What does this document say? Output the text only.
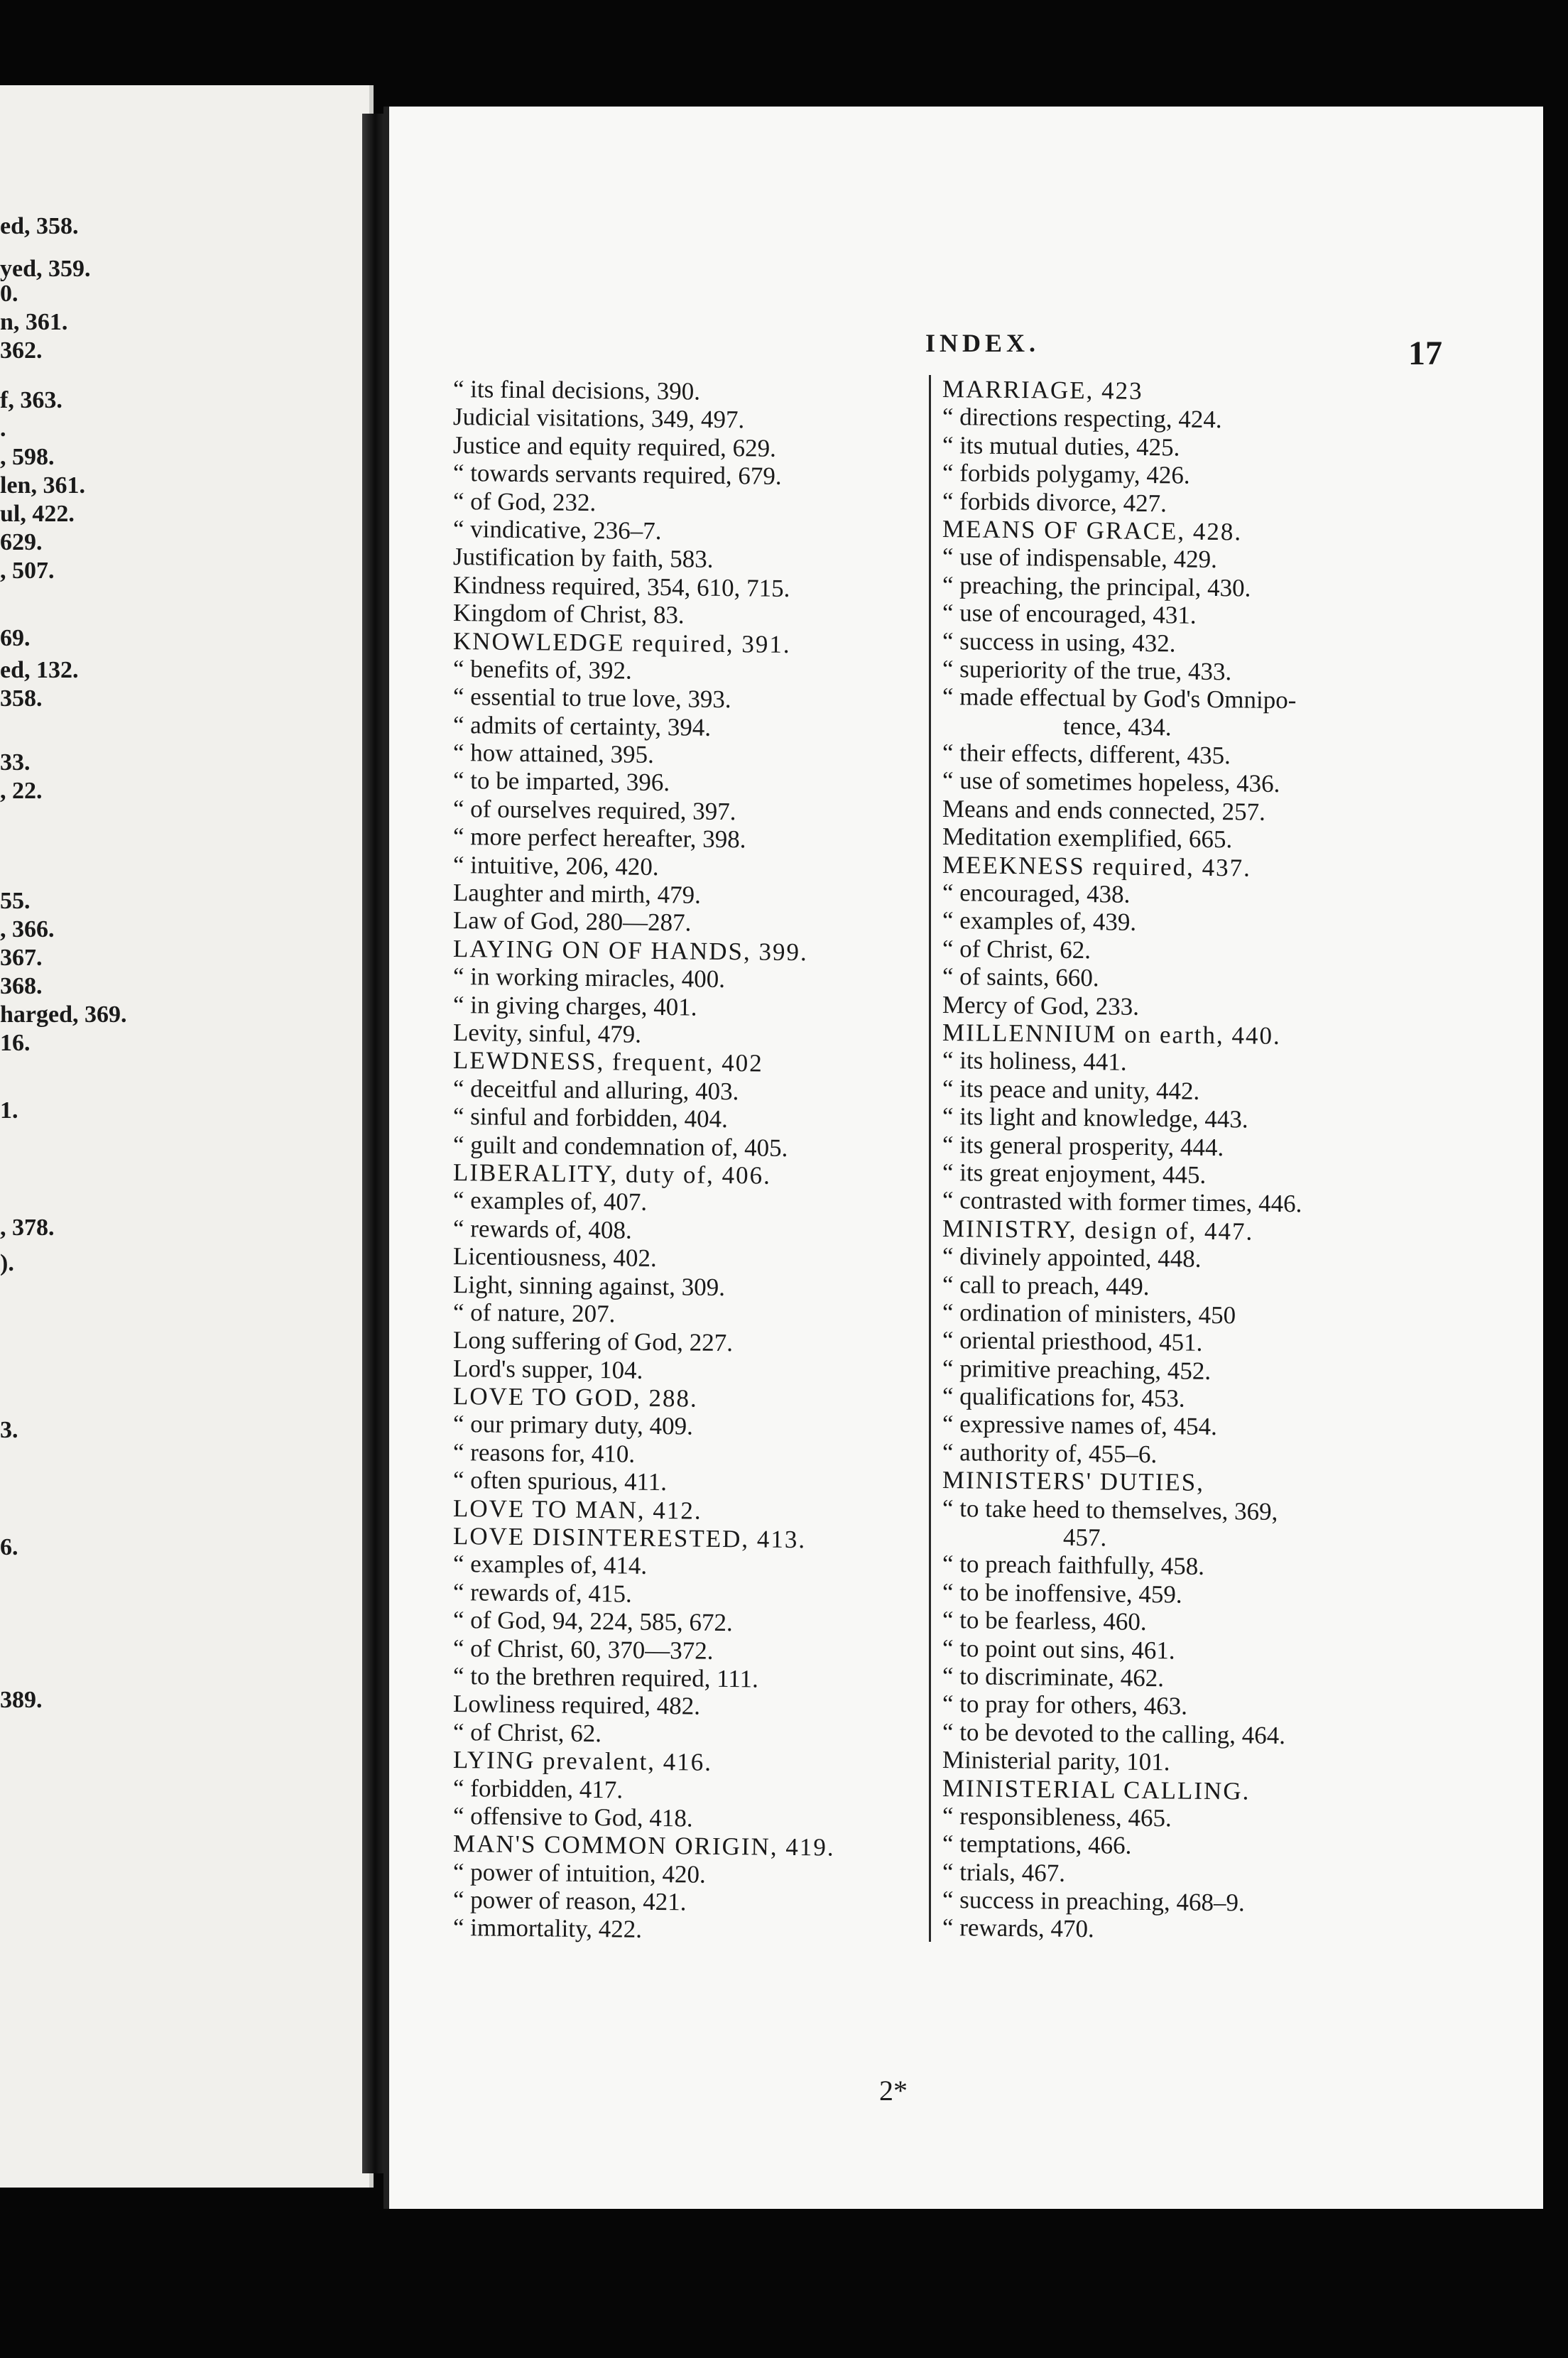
ed, 358.
yed, 359.
0.
n, 361.
362.
f, 363.
.
, 598.
len, 361.
ul, 422.
629.
, 507.
69.
ed, 132.
358.
33.
, 22.
55.
, 366.
367.
368.
harged, 369.
16.
1.
, 378.
).
3.
6.
389.
INDEX.	17
“ its final decisions, 390.
Judicial visitations, 349, 497.
Justice and equity required, 629.
“ towards servants required, 679.
“ of God, 232.
“ vindicative, 236–7.
Justification by faith, 583.
Kindness required, 354, 610, 715.
Kingdom of Christ, 83.
KNOWLEDGE required, 391.
“ benefits of, 392.
“ essential to true love, 393.
“ admits of certainty, 394.
“ how attained, 395.
“ to be imparted, 396.
“ of ourselves required, 397.
“ more perfect hereafter, 398.
“ intuitive, 206, 420.
Laughter and mirth, 479.
Law of God, 280—287.
LAYING ON OF HANDS, 399.
“ in working miracles, 400.
“ in giving charges, 401.
Levity, sinful, 479.
LEWDNESS, frequent, 402
“ deceitful and alluring, 403.
“ sinful and forbidden, 404.
“ guilt and condemnation of, 405.
LIBERALITY, duty of, 406.
“ examples of, 407.
“ rewards of, 408.
Licentiousness, 402.
Light, sinning against, 309.
“ of nature, 207.
Long suffering of God, 227.
Lord's supper, 104.
LOVE TO GOD, 288.
“ our primary duty, 409.
“ reasons for, 410.
“ often spurious, 411.
LOVE TO MAN, 412.
LOVE DISINTERESTED, 413.
“ examples of, 414.
“ rewards of, 415.
“ of God, 94, 224, 585, 672.
“ of Christ, 60, 370—372.
“ to the brethren required, 111.
Lowliness required, 482.
“ of Christ, 62.
LYING prevalent, 416.
“ forbidden, 417.
“ offensive to God, 418.
MAN'S COMMON ORIGIN, 419.
“ power of intuition, 420.
“ power of reason, 421.
“ immortality, 422.
MARRIAGE, 423
“ directions respecting, 424.
“ its mutual duties, 425.
“ forbids polygamy, 426.
“ forbids divorce, 427.
MEANS OF GRACE, 428.
“ use of indispensable, 429.
“ preaching, the principal, 430.
“ use of encouraged, 431.
“ success in using, 432.
“ superiority of the true, 433.
“ made effectual by God's Omnipo-
tence, 434.
“ their effects, different, 435.
“ use of sometimes hopeless, 436.
Means and ends connected, 257.
Meditation exemplified, 665.
MEEKNESS required, 437.
“ encouraged, 438.
“ examples of, 439.
“ of Christ, 62.
“ of saints, 660.
Mercy of God, 233.
MILLENNIUM on earth, 440.
“ its holiness, 441.
“ its peace and unity, 442.
“ its light and knowledge, 443.
“ its general prosperity, 444.
“ its great enjoyment, 445.
“ contrasted with former times, 446.
MINISTRY, design of, 447.
“ divinely appointed, 448.
“ call to preach, 449.
“ ordination of ministers, 450
“ oriental priesthood, 451.
“ primitive preaching, 452.
“ qualifications for, 453.
“ expressive names of, 454.
“ authority of, 455–6.
MINISTERS' DUTIES,
“ to take heed to themselves, 369,
457.
“ to preach faithfully, 458.
“ to be inoffensive, 459.
“ to be fearless, 460.
“ to point out sins, 461.
“ to discriminate, 462.
“ to pray for others, 463.
“ to be devoted to the calling, 464.
Ministerial parity, 101.
MINISTERIAL CALLING.
“ responsibleness, 465.
“ temptations, 466.
“ trials, 467.
“ success in preaching, 468–9.
“ rewards, 470.
2*
